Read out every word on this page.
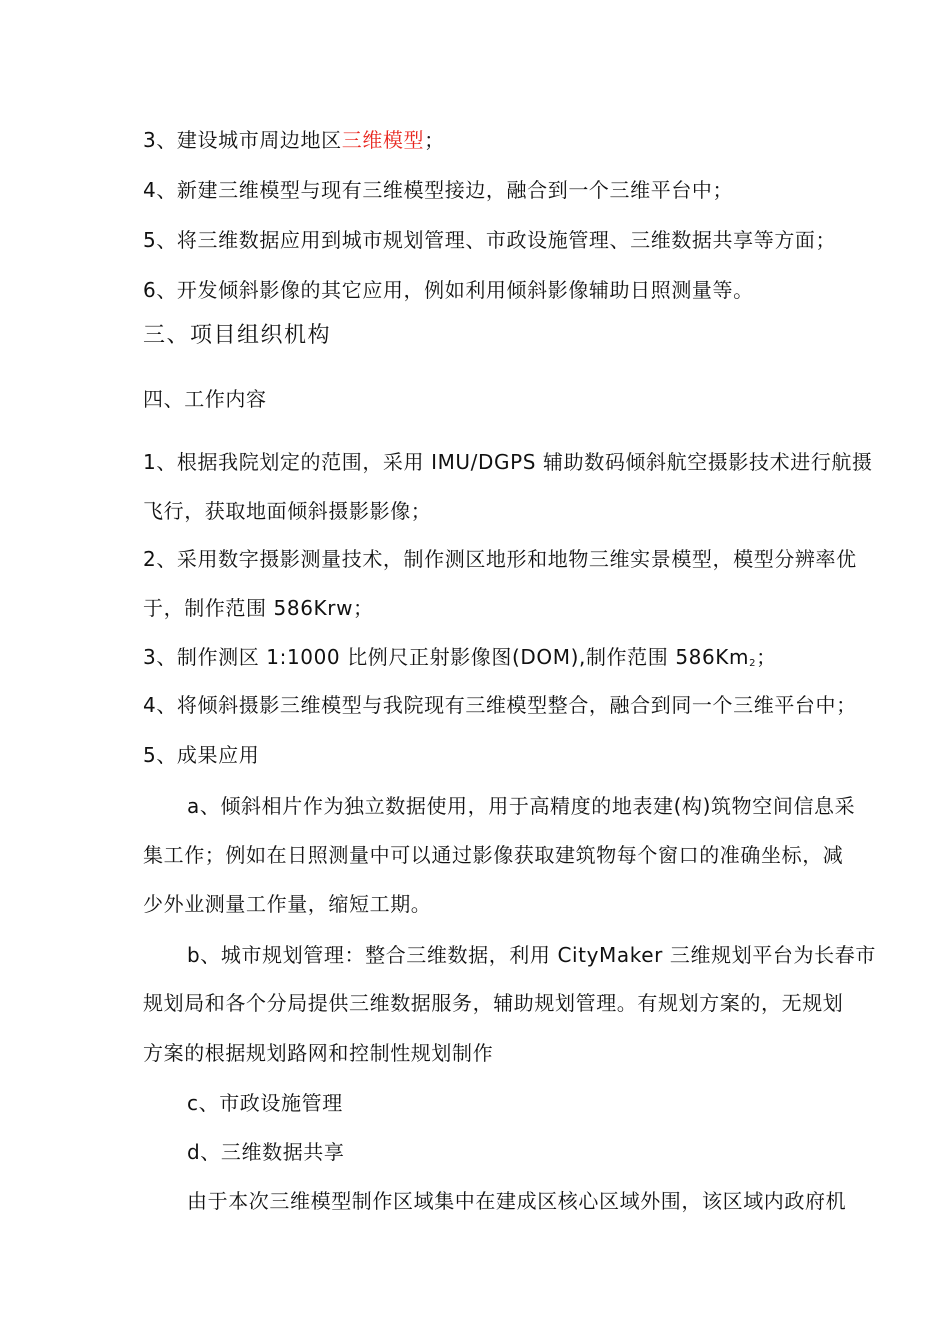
3、建设城市周边地区三维模型；
4、新建三维模型与现有三维模型接边，融合到一个三维平台中；
5、将三维数据应用到城市规划管理、市政设施管理、三维数据共享等方面；
6、开发倾斜影像的其它应用，例如利用倾斜影像辅助日照测量等。
三、项目组织机构
四、工作内容
1、根据我院划定的范围，采用 IMU/DGPS 辅助数码倾斜航空摄影技术进行航摄
飞行，获取地面倾斜摄影影像；
2、采用数字摄影测量技术，制作测区地形和地物三维实景模型，模型分辨率优
于，制作范围 586Krw；
3、制作测区 1:1000 比例尺正射影像图(DOM),制作范围 $586Km_2$；
4、将倾斜摄影三维模型与我院现有三维模型整合，融合到同一个三维平台中；
5、成果应用
a、倾斜相片作为独立数据使用，用于高精度的地表建(构)筑物空间信息采
集工作；例如在日照测量中可以通过影像获取建筑物每个窗口的准确坐标，减
少外业测量工作量，缩短工期。
b、城市规划管理：整合三维数据，利用 CityMaker 三维规划平台为长春市
规划局和各个分局提供三维数据服务，辅助规划管理。有规划方案的，无规划
方案的根据规划路网和控制性规划制作
c、市政设施管理
d、三维数据共享
由于本次三维模型制作区域集中在建成区核心区域外围，该区域内政府机
